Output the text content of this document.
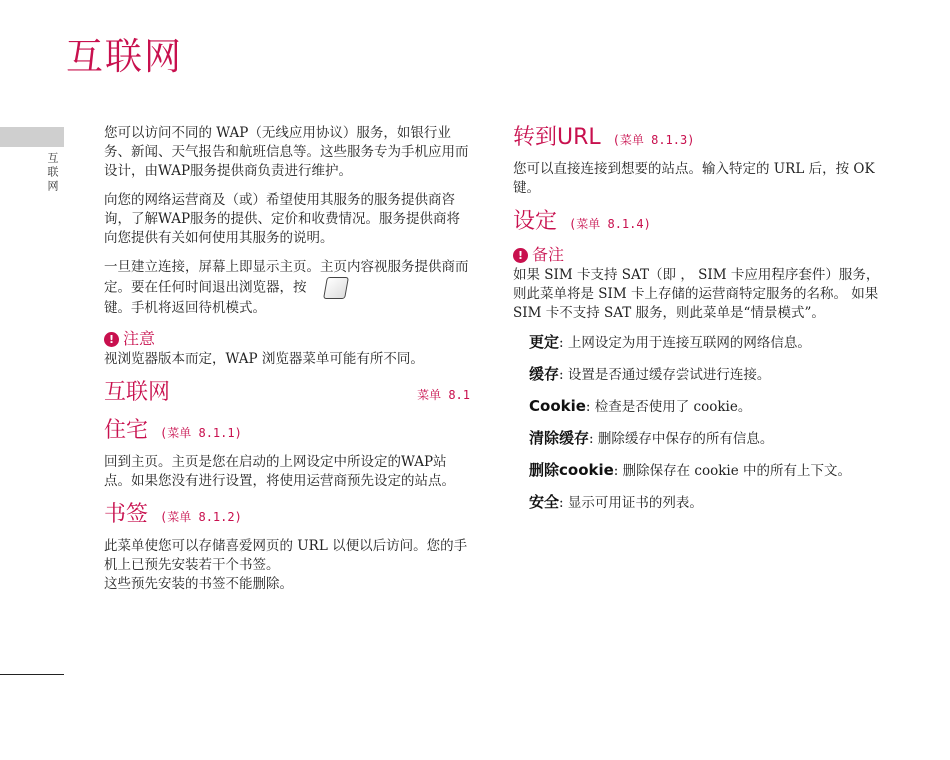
互联网
互联网

您可以访问不同的 WAP（无线应用协议）服务，如银行业务、新闻、天气报告和航班信息等。这些服务专为手机应用而设计，由WAP服务提供商负责进行维护。

向您的网络运营商及（或）希望使用其服务的服务提供商咨询，了解WAP服务的提供、定价和收费情况。服务提供商将向您提供有关如何使用其服务的说明。

一旦建立连接，屏幕上即显示主页。主页内容视服务提供商而定。要在任何时间退出浏览器，按
键。手机将返回待机模式。

! 注意

视浏览器版本而定，WAP 浏览器菜单可能有所不同。

互联网	菜单 8.1
住宅 (菜单 8.1.1)

回到主页。主页是您在启动的上网设定中所设定的WAP站点。如果您没有进行设置，将使用运营商预先设定的站点。

书签 (菜单 8.1.2)

此菜单使您可以存储喜爱网页的 URL 以便以后访问。您的手机上已预先安装若干个书签。

这些预先安装的书签不能删除。

转到URL (菜单 8.1.3)

您可以直接连接到想要的站点。输入特定的 URL 后，按 OK 键。

设定 (菜单 8.1.4)
! 备注

如果 SIM 卡支持 SAT（即 ， SIM 卡应用程序套件）服务，则此菜单将是 SIM 卡上存储的运营商特定服务的名称。 如果 SIM 卡不支持 SAT 服务，则此菜单是“情景模式”。

更定: 上网设定为用于连接互联网的网络信息。
缓存: 设置是否通过缓存尝试进行连接。
Cookie: 检查是否使用了 cookie。
清除缓存: 删除缓存中保存的所有信息。
删除cookie: 删除保存在 cookie 中的所有上下文。
安全: 显示可用证书的列表。
